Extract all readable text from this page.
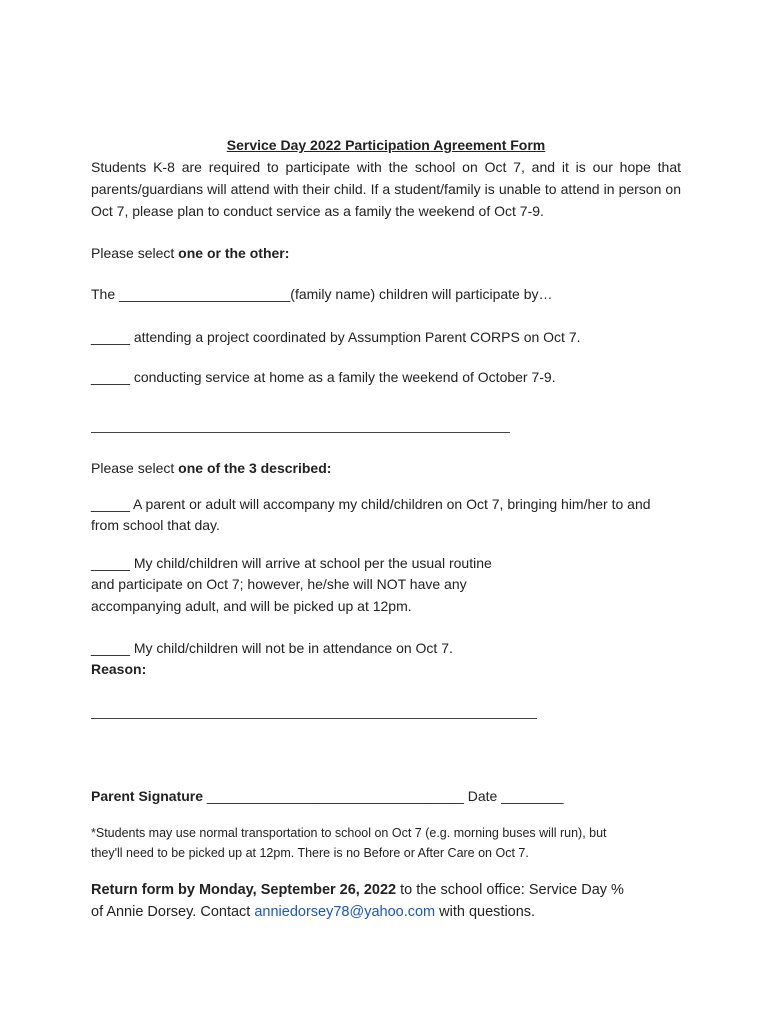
Service Day 2022 Participation Agreement Form

Students K-8 are required to participate with the school on Oct 7, and it is our hope that parents/guardians will attend with their child. If a student/family is unable to attend in person on Oct 7, please plan to conduct service as a family the weekend of Oct 7-9.

Please select one or the other:

The ______________________(family name) children will participate by…

_____ attending a project coordinated by Assumption Parent CORPS on Oct 7.

_____ conducting service at home as a family the weekend of October 7-9.

Please select one of the 3 described:

_____ A parent or adult will accompany my child/children on Oct 7, bringing him/her to and from school that day.

_____ My child/children will arrive at school per the usual routine

and participate on Oct 7; however, he/she will NOT have any

accompanying adult, and will be picked up at 12pm.

_____ My child/children will not be in attendance on Oct 7.

Reason:

Parent Signature _________________________________ Date ________

*Students may use normal transportation to school on Oct 7 (e.g. morning buses will run), but

they'll need to be picked up at 12pm. There is no Before or After Care on Oct 7.

Return form by Monday, September 26, 2022 to the school office: Service Day %

of Annie Dorsey. Contact anniedorsey78@yahoo.com with questions.
